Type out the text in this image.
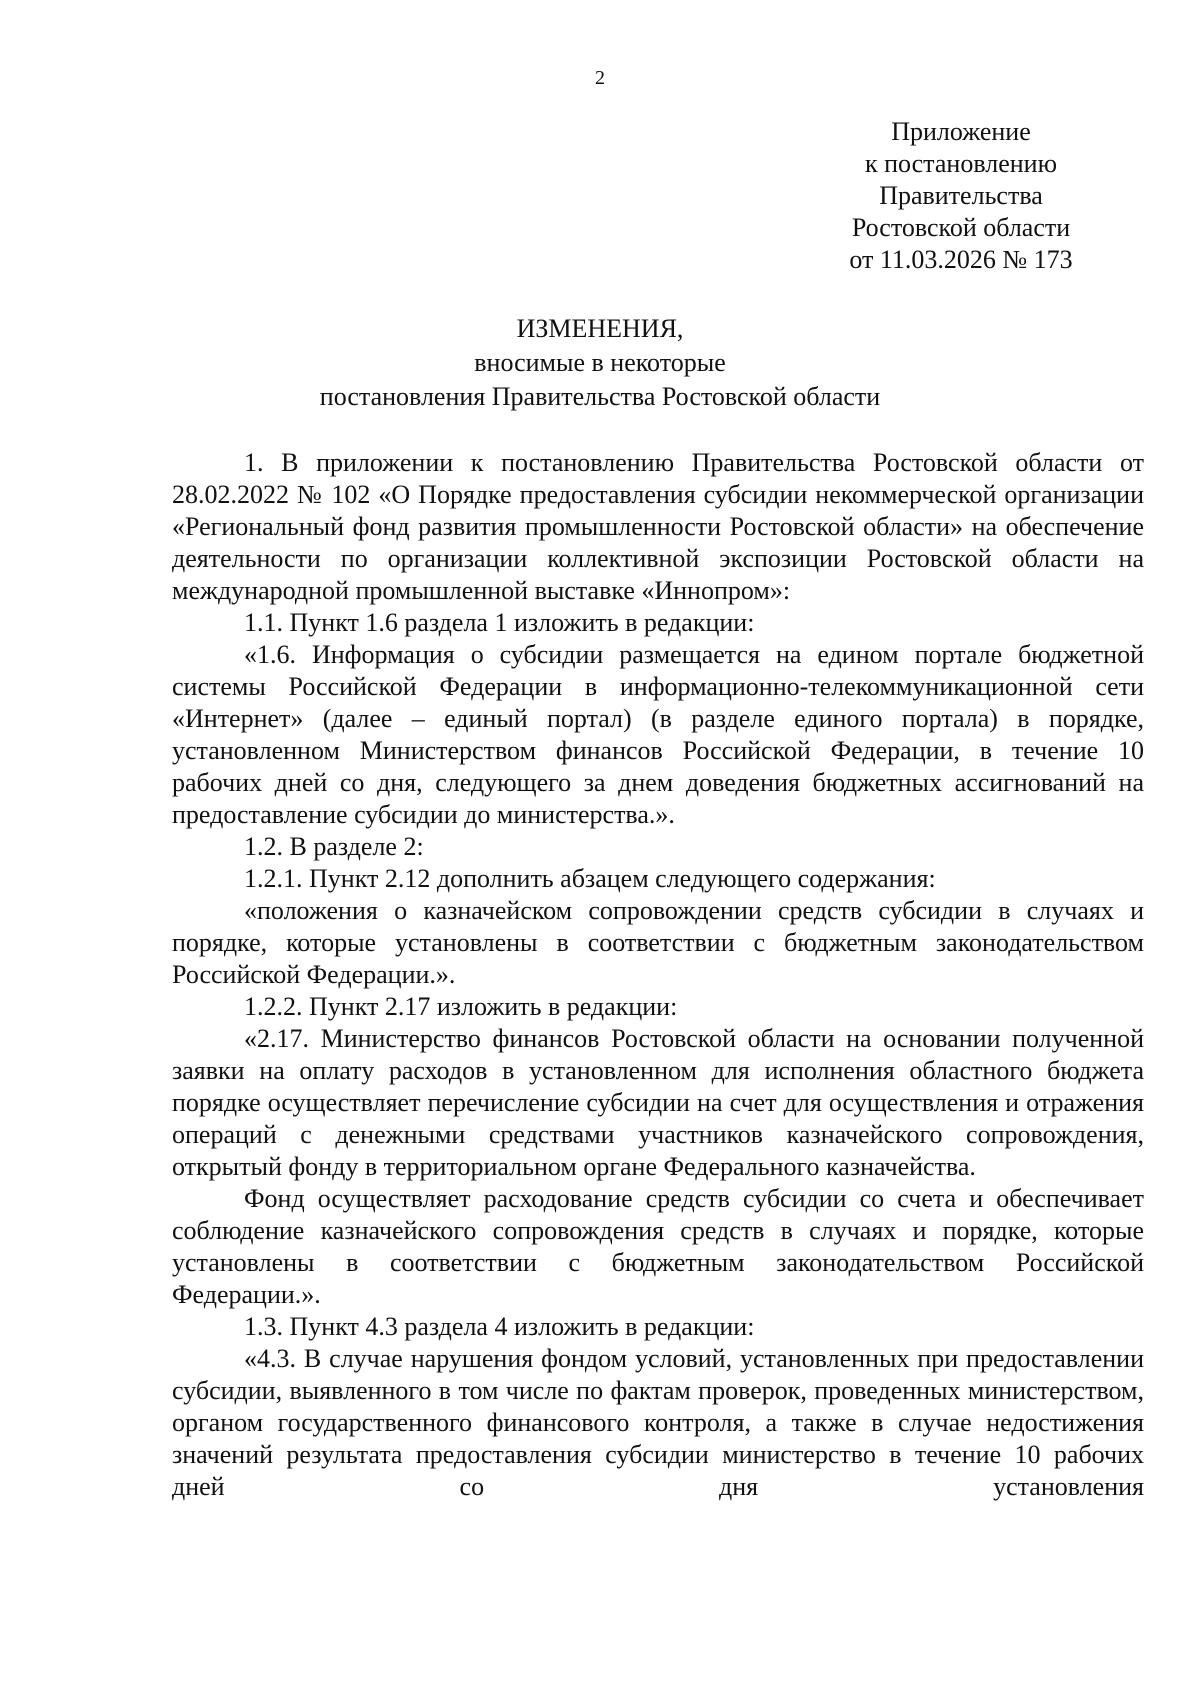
2
Приложение
к постановлению
Правительства
Ростовской области
от 11.03.2026 № 173
ИЗМЕНЕНИЯ,
вносимые в некоторые
постановления Правительства Ростовской области

1. В приложении к постановлению Правительства Ростовской области от 28.02.2022 № 102 «О Порядке предоставления субсидии некоммерческой организации «Региональный фонд развития промышленности Ростовской области» на обеспечение деятельности по организации коллективной экспозиции Ростовской области на международной промышленной выставке «Иннопром»:

1.1. Пункт 1.6 раздела 1 изложить в редакции:

«1.6. Информация о субсидии размещается на едином портале бюджетной системы Российской Федерации в информационно-телекоммуникационной сети «Интернет» (далее – единый портал) (в разделе единого портала) в порядке, установленном Министерством финансов Российской Федерации, в течение 10 рабочих дней со дня, следующего за днем доведения бюджетных ассигнований на предоставление субсидии до министерства.».

1.2. В разделе 2:

1.2.1. Пункт 2.12 дополнить абзацем следующего содержания:

«положения о казначейском сопровождении средств субсидии в случаях и порядке, которые установлены в соответствии с бюджетным законодательством Российской Федерации.».

1.2.2. Пункт 2.17 изложить в редакции:

«2.17. Министерство финансов Ростовской области на основании полученной заявки на оплату расходов в установленном для исполнения областного бюджета порядке осуществляет перечисление субсидии на счет для осуществления и отражения операций с денежными средствами участников казначейского сопровождения, открытый фонду в территориальном органе Федерального казначейства.

Фонд осуществляет расходование средств субсидии со счета и обеспечивает соблюдение казначейского сопровождения средств в случаях и порядке, которые установлены в соответствии с бюджетным законодательством Российской Федерации.».

1.3. Пункт 4.3 раздела 4 изложить в редакции:

«4.3. В случае нарушения фондом условий, установленных при предоставлении субсидии, выявленного в том числе по фактам проверок, проведенных министерством, органом государственного финансового контроля, а также в случае недостижения значений результата предоставления субсидии министерство в течение 10 рабочих дней со дня установления
